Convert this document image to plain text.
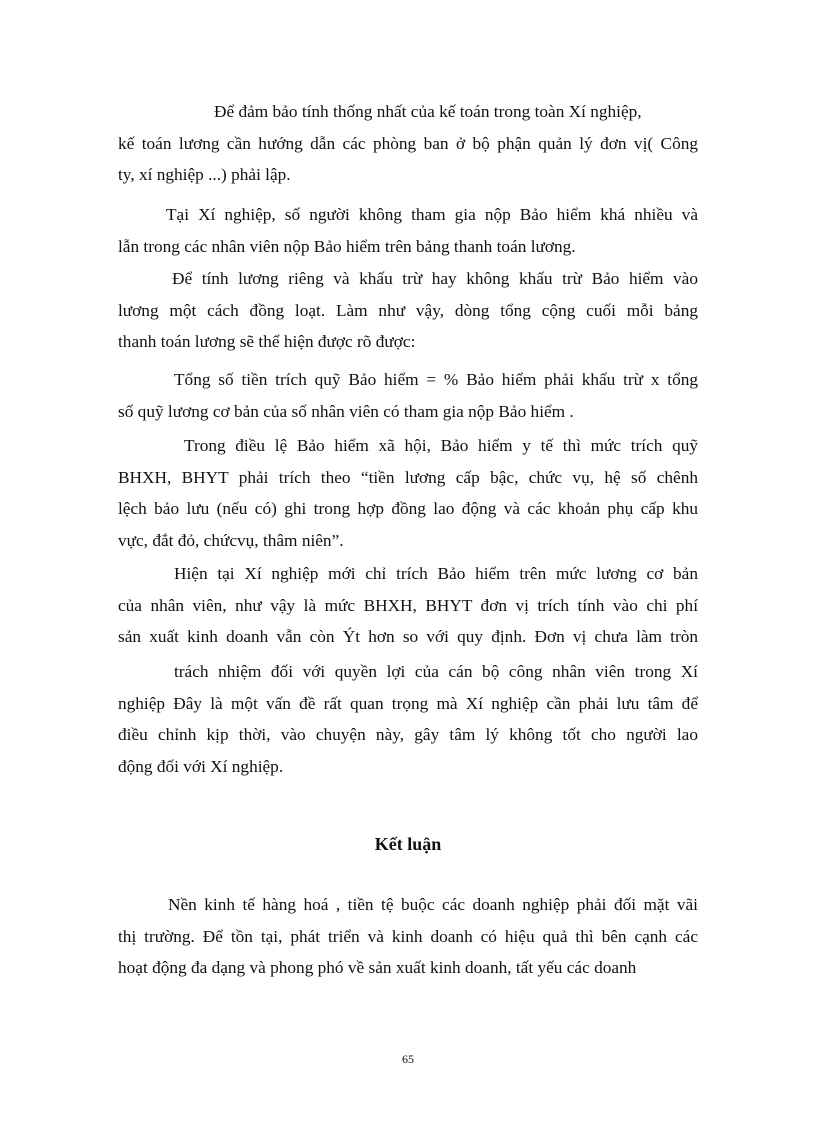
Để đảm bảo tính thống nhất của kế toán trong toàn Xí nghiệp,
kế toán lương cần hướng dẫn các phòng ban ở bộ phận quản lý đơn vị( Công
ty, xí nghiệp ...) phải lập.
Tại Xí nghiệp, số người không tham gia nộp Bảo hiểm khá nhiều và
lẫn trong các nhân viên nộp Bảo hiểm trên bảng thanh toán lương.
Để tính lương riêng và khấu trừ hay không khấu trừ Bảo hiểm vào
lương một cách đồng loạt. Làm như vậy, dòng tổng cộng cuối mỗi bảng
thanh toán lương sẽ thể hiện được rõ được:
Tổng số tiền trích quỹ Bảo hiểm = % Bảo hiểm phải khấu trừ x tổng
số quỹ lương cơ bản của số nhân viên có tham gia nộp Bảo hiểm .
Trong điều lệ Bảo hiểm xã hội, Bảo hiểm y tế thì mức trích quỹ
BHXH, BHYT phải trích theo “tiền lương cấp bậc, chức vụ, hệ số chênh
lệch bảo lưu (nếu có) ghi trong hợp đồng lao động và các khoản phụ cấp khu
vực, đắt đỏ, chứcvụ, thâm niên”.
Hiện tại Xí nghiệp mới chỉ trích Bảo hiểm trên mức lương cơ bản
của nhân viên, như vậy là mức BHXH, BHYT đơn vị trích tính vào chi phí
sản xuất kinh doanh vẫn còn Ýt hơn so với quy định. Đơn vị chưa làm tròn
trách nhiệm đối với quyền lợi của cán bộ công nhân viên trong Xí
nghiệp Đây là một vấn đề rất quan trọng mà Xí nghiệp cần phải lưu tâm để
điều chỉnh kịp thời, vào chuyện này, gây tâm lý không tốt cho người lao
động đối với Xí nghiệp.
Kết luận
Nền kinh tế hàng hoá , tiền tệ buộc các doanh nghiệp phải đối mặt vãi
thị trường. Để tồn tại, phát triển và kinh doanh có hiệu quả thì bên cạnh các
hoạt động đa dạng và phong phó về sản xuất kinh doanh, tất yếu các doanh
65
